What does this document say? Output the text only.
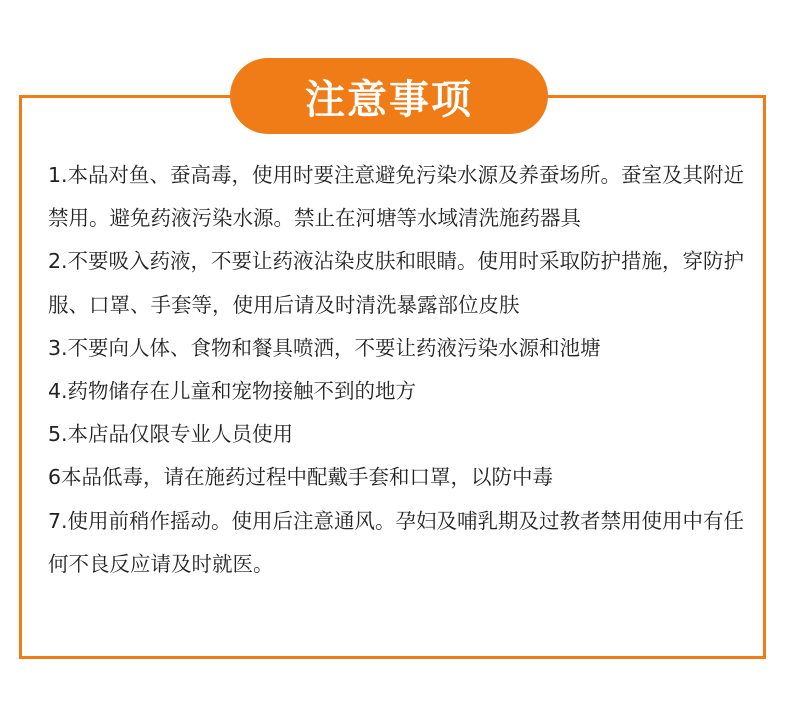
注意事项
1.本品对鱼、蚕高毒，使用时要注意避免污染水源及养蚕场所。蚕室及其附近禁用。避免药液污染水源。禁止在河塘等水域清洗施药器具
2.不要吸入药液，不要让药液沾染皮肤和眼睛。使用时采取防护措施，穿防护服、口罩、手套等，使用后请及时清洗暴露部位皮肤
3.不要向人体、食物和餐具喷洒，不要让药液污染水源和池塘
4.药物储存在儿童和宠物接触不到的地方
5.本店品仅限专业人员使用
6本品低毒，请在施药过程中配戴手套和口罩，以防中毒
7.使用前稍作摇动。使用后注意通风。孕妇及哺乳期及过教者禁用使用中有任何不良反应请及时就医。
